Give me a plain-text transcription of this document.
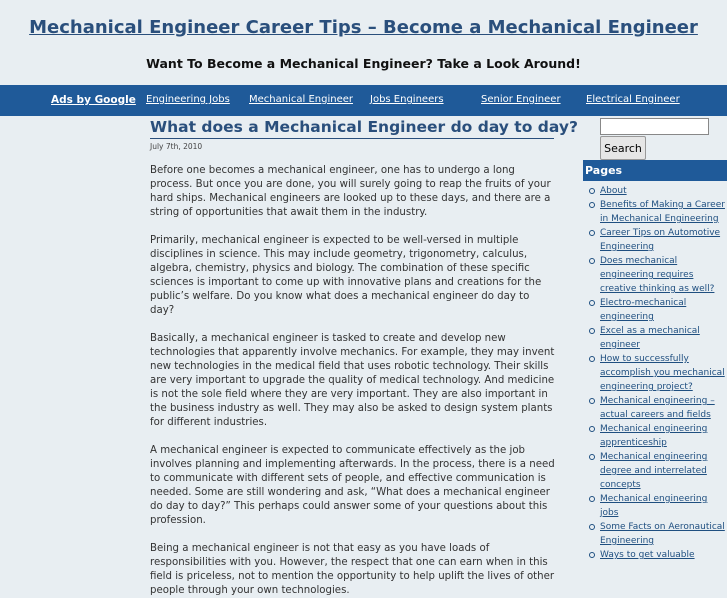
Mechanical Engineer Career Tips – Become a Mechanical Engineer
Want To Become a Mechanical Engineer? Take a Look Around!
Ads by Google Engineering Jobs Mechanical Engineer Jobs Engineers	Senior Engineer	Electrical Engineer
What does a Mechanical Engineer do day to day?
July 7th, 2010

Before one becomes a mechanical engineer, one has to undergo a long process. But once you are done, you will surely going to reap the fruits of your hard ships. Mechanical engineers are looked up to these days, and there are a string of opportunities that await them in the industry.

Primarily, mechanical engineer is expected to be well-versed in multiple disciplines in science. This may include geometry, trigonometry, calculus, algebra, chemistry, physics and biology. The combination of these specific sciences is important to come up with innovative plans and creations for the public’s welfare. Do you know what does a mechanical engineer do day to day?

Basically, a mechanical engineer is tasked to create and develop new technologies that apparently involve mechanics. For example, they may invent new technologies in the medical field that uses robotic technology. Their skills are very important to upgrade the quality of medical technology. And medicine is not the sole field where they are very important. They are also important in the business industry as well. They may also be asked to design system plants for different industries.

A mechanical engineer is expected to communicate effectively as the job involves planning and implementing afterwards. In the process, there is a need to communicate with different sets of people, and effective communication is needed. Some are still wondering and ask, “What does a mechanical engineer do day to day?” This perhaps could answer some of your questions about this profession.

Being a mechanical engineer is not that easy as you have loads of responsibilities with you. However, the respect that one can earn when in this field is priceless, not to mention the opportunity to help uplift the lives of other people through your own technologies.

Search
Pages
About
Benefits of Making a Career in Mechanical Engineering
Career Tips on Automotive Engineering
Does mechanical engineering requires creative thinking as well?
Electro-mechanical engineering
Excel as a mechanical engineer
How to successfully accomplish you mechanical engineering project?
Mechanical engineering – actual careers and fields
Mechanical engineering apprenticeship
Mechanical engineering degree and interrelated concepts
Mechanical engineering jobs
Some Facts on Aeronautical Engineering
Ways to get valuable
